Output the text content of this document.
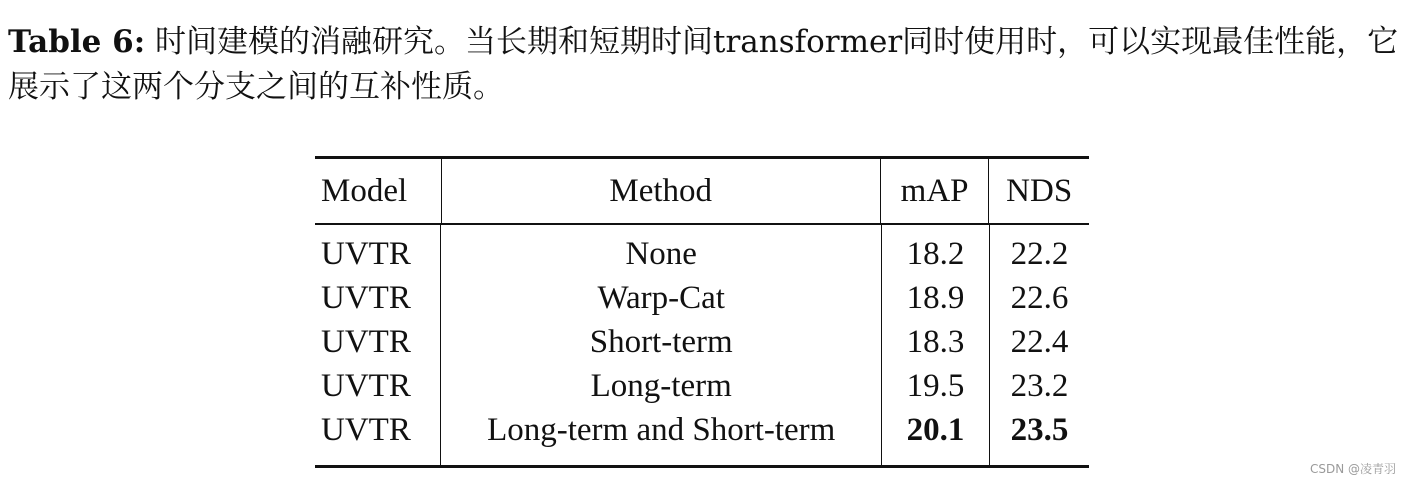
Table 6: 时间建模的消融研究。当长期和短期时间transformer同时使用时，可以实现最佳性能，它展示了这两个分支之间的互补性质。
Model	Method	mAP	NDS

UVTR	None	18.2	22.2
UVTR	Warp-Cat	18.9	22.6
UVTR	Short-term	18.3	22.4
UVTR	Long-term	19.5	23.2
UVTR	Long-term and Short-term	20.1	23.5

CSDN @凌青羽
